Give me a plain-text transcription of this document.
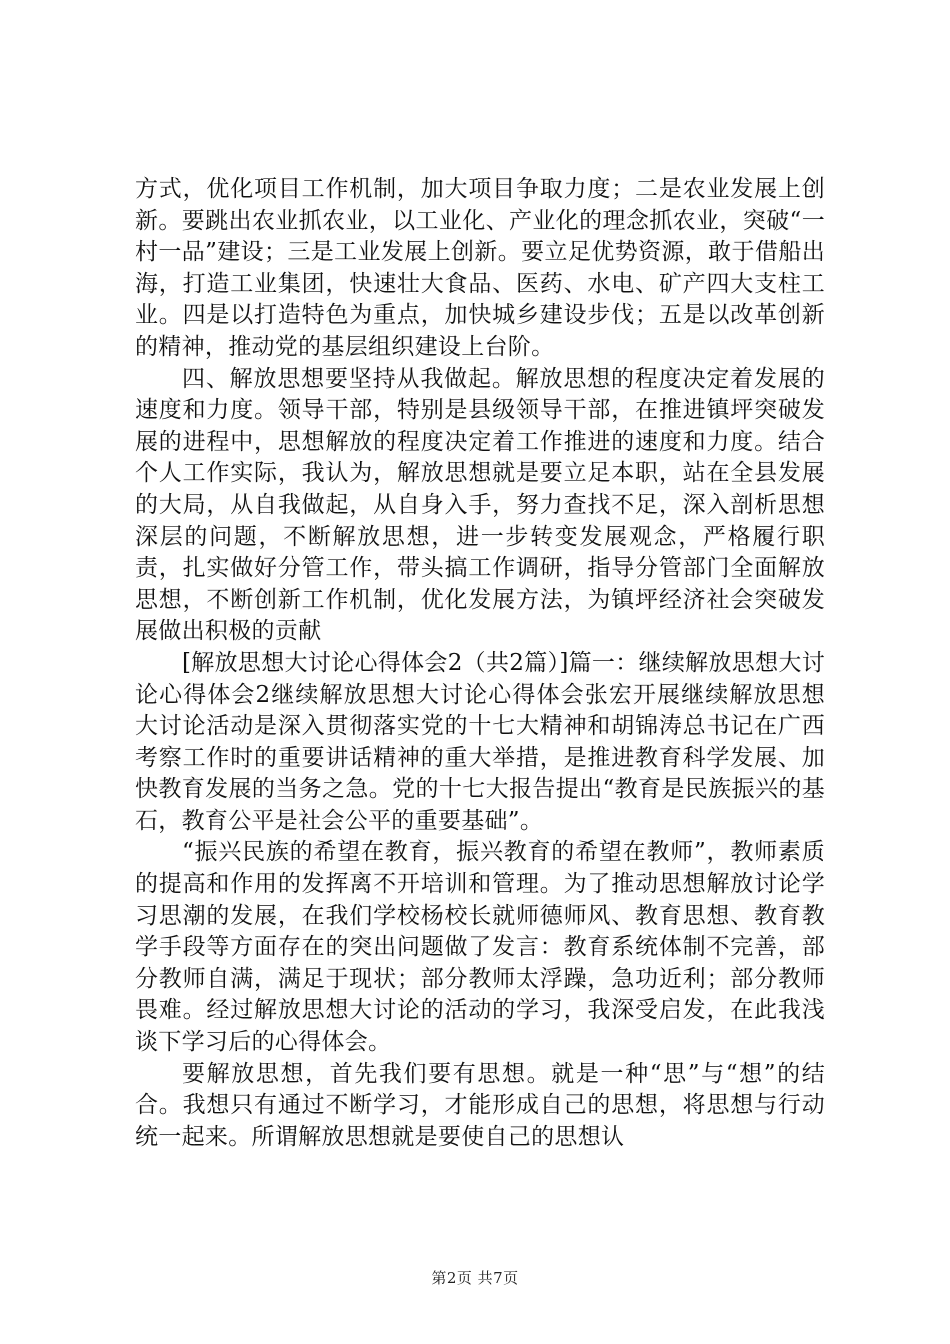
方式，优化项目工作机制，加大项目争取力度；二是农业发展上创新。要跳出农业抓农业，以工业化、产业化的理念抓农业，突破“一村一品”建设；三是工业发展上创新。要立足优势资源，敢于借船出海，打造工业集团，快速壮大食品、医药、水电、矿产四大支柱工业。四是以打造特色为重点，加快城乡建设步伐；五是以改革创新的精神，推动党的基层组织建设上台阶。

四、解放思想要坚持从我做起。解放思想的程度决定着发展的速度和力度。领导干部，特别是县级领导干部，在推进镇坪突破发展的进程中，思想解放的程度决定着工作推进的速度和力度。结合个人工作实际，我认为，解放思想就是要立足本职，站在全县发展的大局，从自我做起，从自身入手，努力查找不足，深入剖析思想深层的问题，不断解放思想，进一步转变发展观念，严格履行职责，扎实做好分管工作，带头搞工作调研，指导分管部门全面解放思想，不断创新工作机制，优化发展方法，为镇坪经济社会突破发展做出积极的贡献

[解放思想大讨论心得体会2（共2篇）]篇一：继续解放思想大讨论心得体会2继续解放思想大讨论心得体会张宏开展继续解放思想大讨论活动是深入贯彻落实党的十七大精神和胡锦涛总书记在广西考察工作时的重要讲话精神的重大举措，是推进教育科学发展、加快教育发展的当务之急。党的十七大报告提出“教育是民族振兴的基石，教育公平是社会公平的重要基础”。

“振兴民族的希望在教育，振兴教育的希望在教师”，教师素质的提高和作用的发挥离不开培训和管理。为了推动思想解放讨论学习思潮的发展，在我们学校杨校长就师德师风、教育思想、教育教学手段等方面存在的突出问题做了发言：教育系统体制不完善，部分教师自满，满足于现状；部分教师太浮躁，急功近利；部分教师畏难。经过解放思想大讨论的活动的学习，我深受启发，在此我浅谈下学习后的心得体会。

要解放思想，首先我们要有思想。就是一种“思”与“想”的结合。我想只有通过不断学习，才能形成自己的思想，将思想与行动统一起来。所谓解放思想就是要使自己的思想认

第2页 共7页
